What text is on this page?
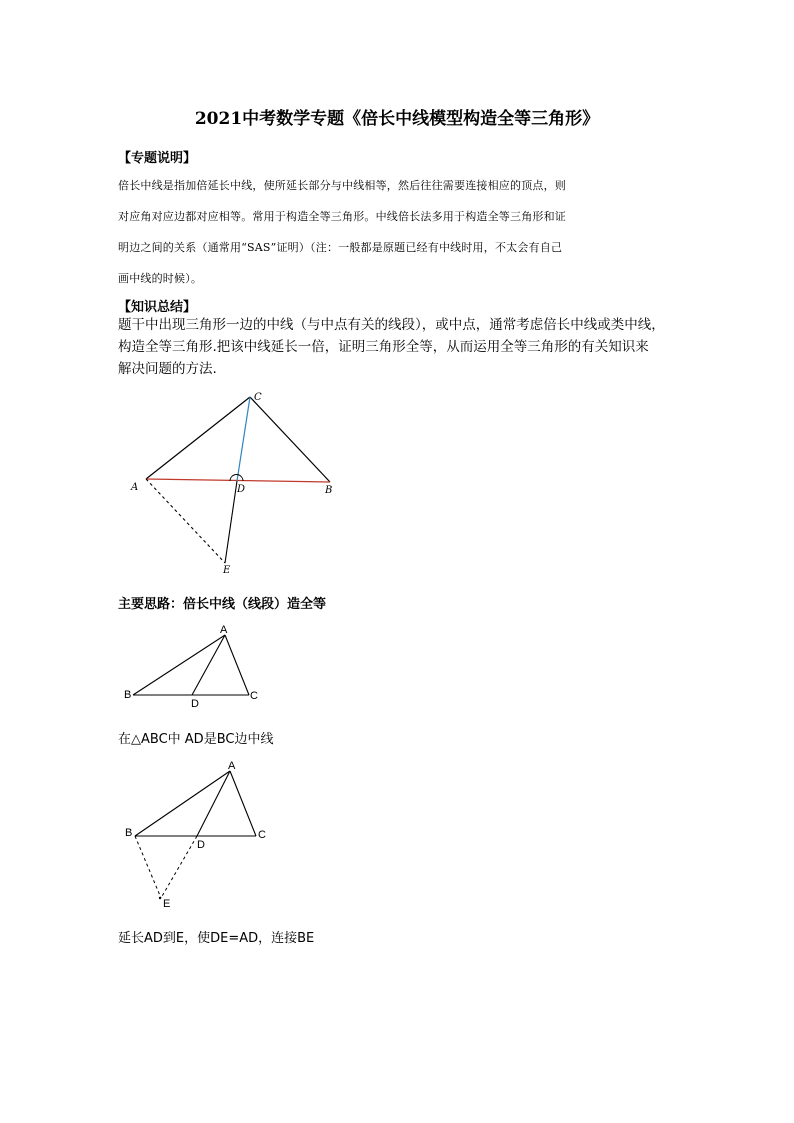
2021中考数学专题《倍长中线模型构造全等三角形》
【专题说明】
倍长中线是指加倍延长中线，使所延长部分与中线相等，然后往往需要连接相应的顶点，则
对应角对应边都对应相等。常用于构造全等三角形。中线倍长法多用于构造全等三角形和证
明边之间的关系（通常用“SAS”证明）（注：一般都是原题已经有中线时用，不太会有自己
画中线的时候）。
【知识总结】
题干中出现三角形一边的中线（与中点有关的线段），或中点，通常考虑倍长中线或类中线，
构造全等三角形.把该中线延长一倍，证明三角形全等，从而运用全等三角形的有关知识来
解决问题的方法.
A	B
C
D
E
A
B	C
D
A
B	C
D
E
主要思路：倍长中线（线段）造全等
在△ABC中 AD是BC边中线
延长AD到E，使DE=AD，连接BE
